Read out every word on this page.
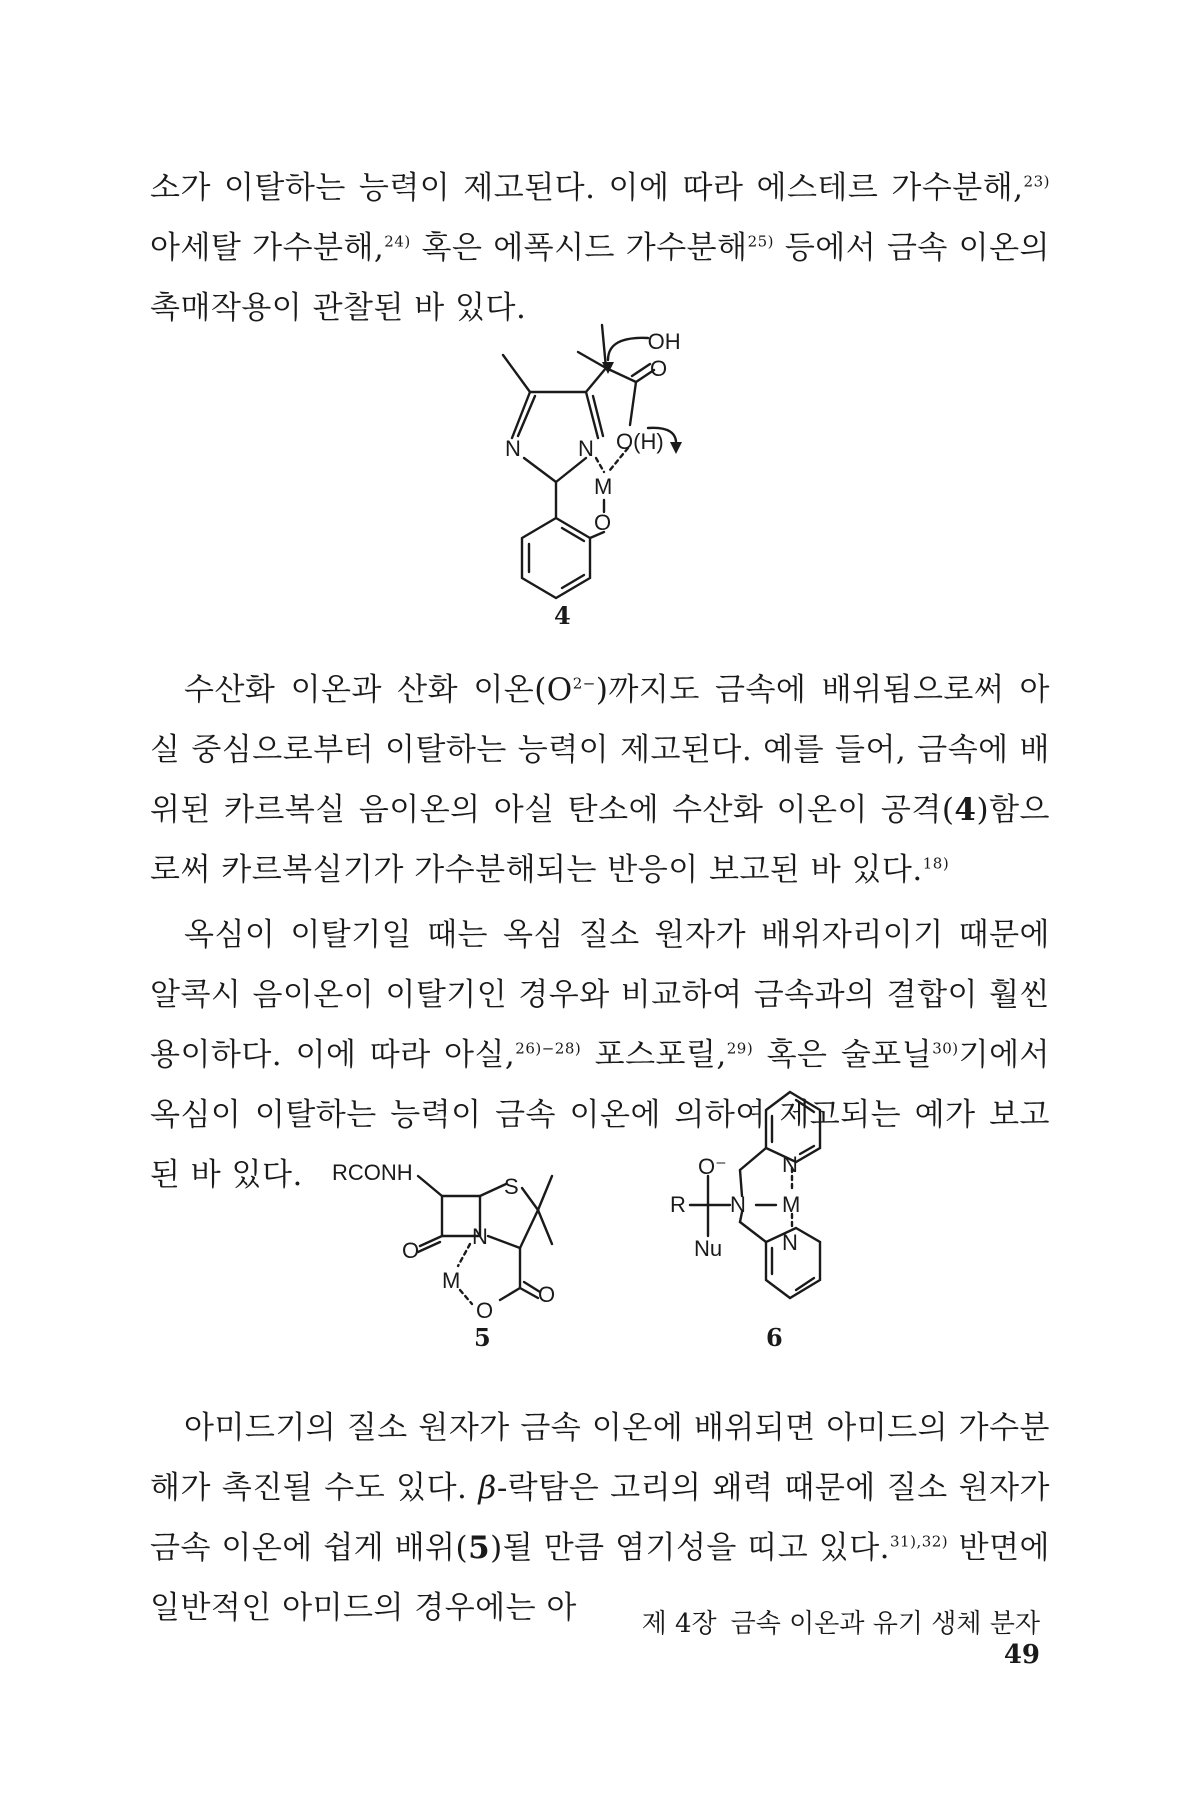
소가 이탈하는 능력이 제고된다. 이에 따라 에스테르 가수분해,$^{23)}$ 아세탈 가수분해,$^{24)}$ 혹은 에폭시드 가수분해$^{25)}$ 등에서 금속 이온의 촉매작용이 관찰된 바 있다.

⁻OH
O
O(H)
N	N
M
O
4

수산화 이온과 산화 이온$(O^{2-})$까지도 금속에 배위됨으로써 아실 중심으로부터 이탈하는 능력이 제고된다. 예를 들어, 금속에 배위된 카르복실 음이온의 아실 탄소에 수산화 이온이 공격(4)함으로써 카르복실기가 가수분해되는 반응이 보고된 바 있다.$^{18)}$

옥심이 이탈기일 때는 옥심 질소 원자가 배위자리이기 때문에 알콕시 음이온이 이탈기인 경우와 비교하여 금속과의 결합이 훨씬 용이하다. 이에 따라 아실,$^{26)-28)}$ 포스포릴,$^{29)}$ 혹은 술포닐$^{30)}$기에서 옥심이 이탈하는 능력이 금속 이온에 의하여 제고되는 예가 보고된 바 있다.	RCONH
S
N
O
M
O
O
5
O⁻
R N M
Nu
N
N
6

아미드기의 질소 원자가 금속 이온에 배위되면 아미드의 가수분해가 촉진될 수도 있다. β-락탐은 고리의 왜력 때문에 질소 원자가 금속 이온에 쉽게 배위(5)될 만큼 염기성을 띠고 있다.$^{31),32)}$ 반면에 일반적인 아미드의 경우에는 아	제 4장 금속 이온과 유기 생체 분자49
